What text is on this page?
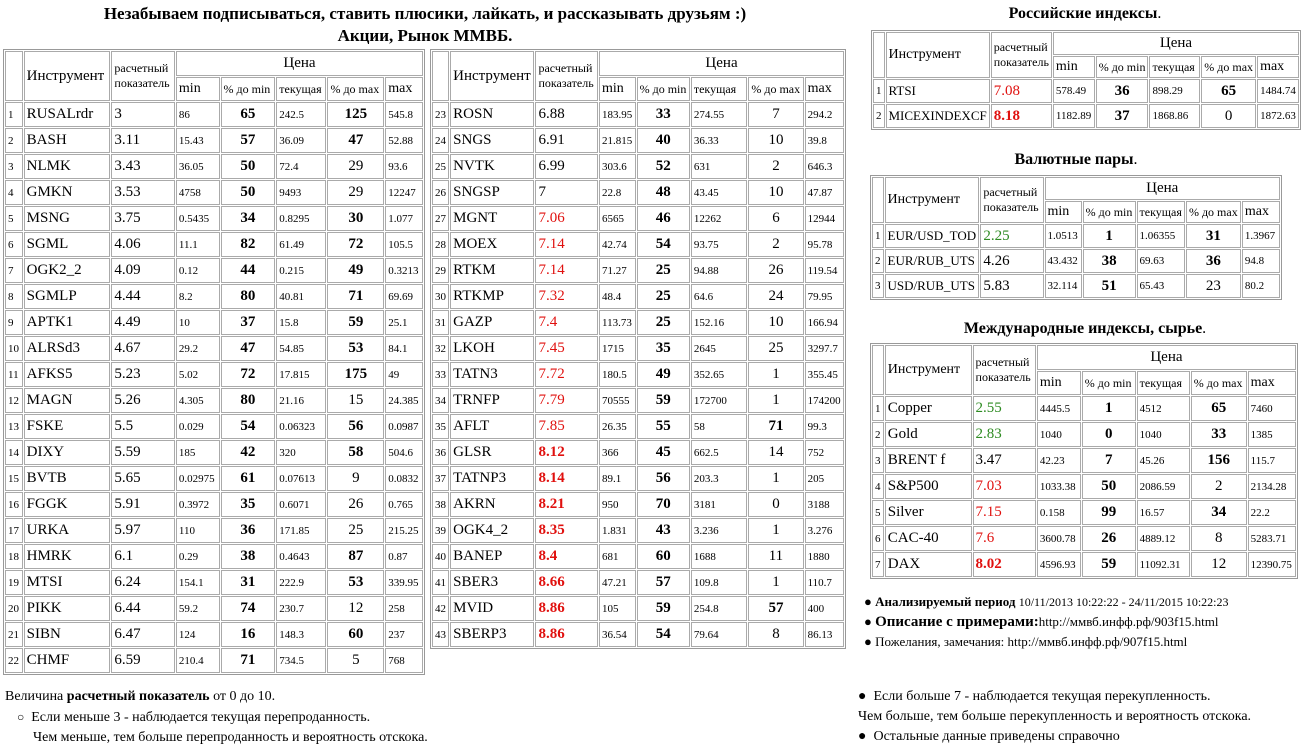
Незабываем подписываться, ставить плюсики, лайкать, и рассказывать друзьям :)
Акции, Рынок ММВБ.
	Инструмент	расчетный
показатель	Цена				
			min	% до min	текущая	% до max	max
1	RUSALrdr	3	86	65	242.5	125	545.8
2	BASH	3.11	15.43	57	36.09	47	52.88
3	NLMK	3.43	36.05	50	72.4	29	93.6
4	GMKN	3.53	4758	50	9493	29	12247
5	MSNG	3.75	0.5435	34	0.8295	30	1.077
6	SGML	4.06	11.1	82	61.49	72	105.5
7	OGK2_2	4.09	0.12	44	0.215	49	0.3213
8	SGMLP	4.44	8.2	80	40.81	71	69.69
9	APTK1	4.49	10	37	15.8	59	25.1
10	ALRSd3	4.67	29.2	47	54.85	53	84.1
11	AFKS5	5.23	5.02	72	17.815	175	49
12	MAGN	5.26	4.305	80	21.16	15	24.385
13	FSKE	5.5	0.029	54	0.06323	56	0.0987
14	DIXY	5.59	185	42	320	58	504.6
15	BVTB	5.65	0.02975	61	0.07613	9	0.0832
16	FGGK	5.91	0.3972	35	0.6071	26	0.765
17	URKA	5.97	110	36	171.85	25	215.25
18	HMRK	6.1	0.29	38	0.4643	87	0.87
19	MTSI	6.24	154.1	31	222.9	53	339.95
20	PIKK	6.44	59.2	74	230.7	12	258
21	SIBN	6.47	124	16	148.3	60	237
22	CHMF	6.59	210.4	71	734.5	5	768
	Инструмент	расчетный
показатель	Цена				
			min	% до min	текущая	% до max	max
23	ROSN	6.88	183.95	33	274.55	7	294.2
24	SNGS	6.91	21.815	40	36.33	10	39.8
25	NVTK	6.99	303.6	52	631	2	646.3
26	SNGSP	7	22.8	48	43.45	10	47.87
27	MGNT	7.06	6565	46	12262	6	12944
28	MOEX	7.14	42.74	54	93.75	2	95.78
29	RTKM	7.14	71.27	25	94.88	26	119.54
30	RTKMP	7.32	48.4	25	64.6	24	79.95
31	GAZP	7.4	113.73	25	152.16	10	166.94
32	LKOH	7.45	1715	35	2645	25	3297.7
33	TATN3	7.72	180.5	49	352.65	1	355.45
34	TRNFP	7.79	70555	59	172700	1	174200
35	AFLT	7.85	26.35	55	58	71	99.3
36	GLSR	8.12	366	45	662.5	14	752
37	TATNP3	8.14	89.1	56	203.3	1	205
38	AKRN	8.21	950	70	3181	0	3188
39	OGK4_2	8.35	1.831	43	3.236	1	3.276
40	BANEP	8.4	681	60	1688	11	1880
41	SBER3	8.66	47.21	57	109.8	1	110.7
42	MVID	8.86	105	59	254.8	57	400
43	SBERP3	8.86	36.54	54	79.64	8	86.13
Российские индексы.
	Инструмент	расчетный
показатель	Цена				
			min	% до min	текущая	% до max	max
1	RTSI	7.08	578.49	36	898.29	65	1484.74
2	MICEXINDEXCF	8.18	1182.89	37	1868.86	0	1872.63
Валютные пары.
	Инструмент	расчетный
показатель	Цена				
			min	% до min	текущая	% до max	max
1	EUR/USD_TOD	2.25	1.0513	1	1.06355	31	1.3967
2	EUR/RUB_UTS	4.26	43.432	38	69.63	36	94.8
3	USD/RUB_UTS	5.83	32.114	51	65.43	23	80.2
Международные индексы, сырье.
	Инструмент	расчетный
показатель	Цена				
			min	% до min	текущая	% до max	max
1	Copper	2.55	4445.5	1	4512	65	7460
2	Gold	2.83	1040	0	1040	33	1385
3	BRENT f	3.47	42.23	7	45.26	156	115.7
4	S&P500	7.03	1033.38	50	2086.59	2	2134.28
5	Silver	7.15	0.158	99	16.57	34	22.2
6	CAC-40	7.6	3600.78	26	4889.12	8	5283.71
7	DAX	8.02	4596.93	59	11092.31	12	12390.75
● Анализируемый период 10/11/2013 10:22:22 - 24/11/2015 10:22:23
● Описание с примерами:http://ммвб.инфф.рф/903f15.html
● Пожелания, замечания: http://ммвб.инфф.рф/907f15.html
Величина расчетный показатель от 0 до 10.
○ Если меньше 3 - наблюдается текущая перепроданность.
Чем меньше, тем больше перепроданность и вероятность отскока.
●  Если больше 7 - наблюдается текущая перекупленность.
Чем больше, тем больше перекупленность и вероятность отскока.
●  Остальные данные приведены справочно
